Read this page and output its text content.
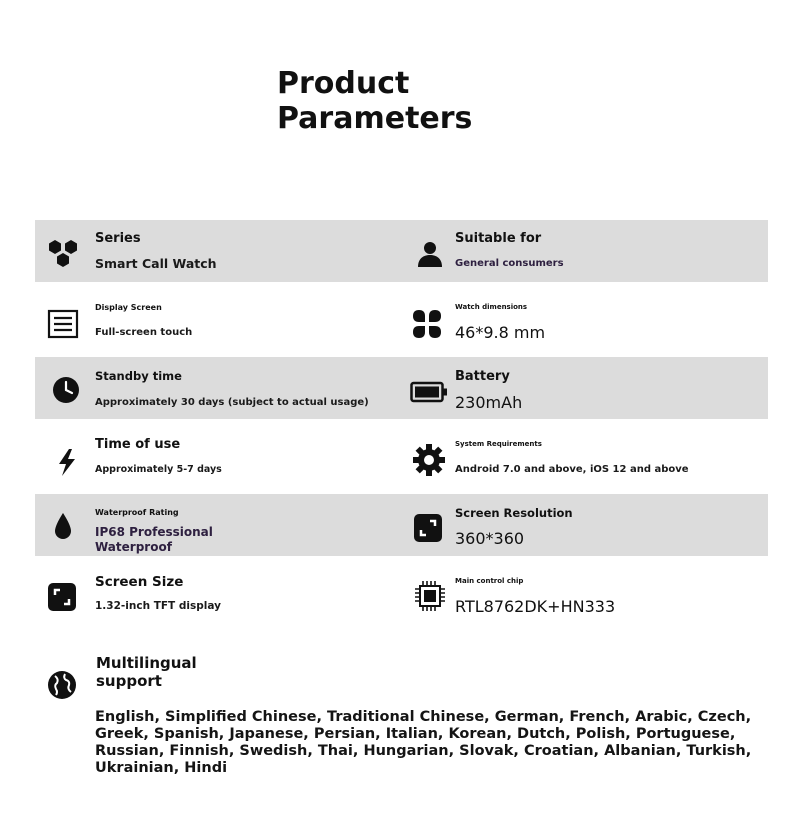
Product
Parameters
Series
Smart Call Watch
Suitable for
General consumers
Display Screen
Full-screen touch
Watch dimensions
46*9.8 mm
Standby time
Approximately 30 days (subject to actual usage)
Battery
230mAh
Time of use
Approximately 5-7 days
System Requirements
Android 7.0 and above, iOS 12 and above
Waterproof Rating
IP68 Professional
Waterproof
Screen Resolution
360*360
Screen Size
1.32-inch TFT display
Main control chip
RTL8762DK+HN333
Multilingual
support
English, Simplified Chinese, Traditional Chinese, German, French, Arabic, Czech, Greek, Spanish, Japanese, Persian, Italian, Korean, Dutch, Polish, Portuguese, Russian, Finnish, Swedish, Thai, Hungarian, Slovak, Croatian, Albanian, Turkish, Ukrainian, Hindi
